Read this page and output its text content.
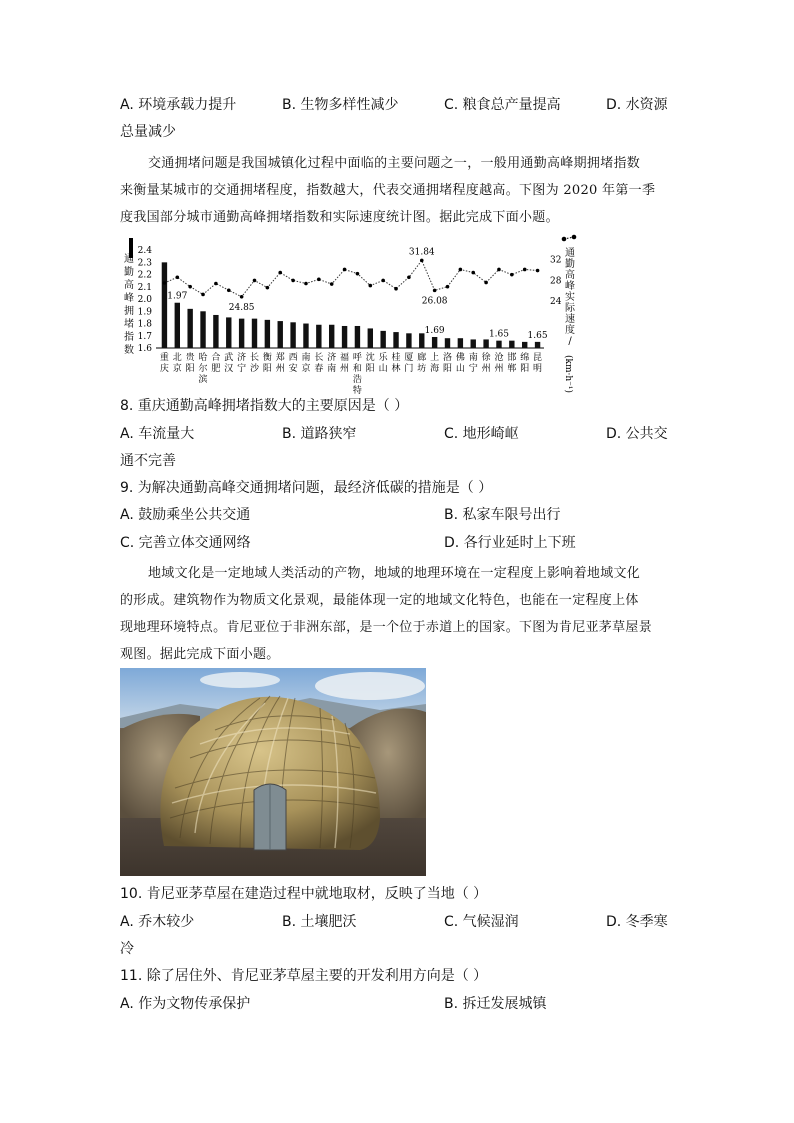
A. 环境承载力提升	B. 生物多样性减少	C. 粮食总产量提高	D. 水资源
总量减少
交通拥堵问题是我国城镇化过程中面临的主要问题之一，一般用通勤高峰期拥堵指数
来衡量某城市的交通拥堵程度，指数越大，代表交通拥堵程度越高。下图为 2020 年第一季
度我国部分城市通勤高峰拥堵指数和实际速度统计图。据此完成下面小题。
2.4
2.3
2.2
2.1
2.0
1.9
1.8
1.7
1.6
通
勤
高
峰
拥
堵
指
数
32
28
24
通
勤
高
峰
实
际
速
度
/
(km·h⁻¹)
重
庆
北
京
贵
阳
哈
尔
滨
合
肥
武
汉
济
宁
长
沙
衡
阳
郑
州
西
安
南
京
长
春
济
南
福
州
呼
和
浩
特
沈
阳
乐
山
桂
林
厦
门
廊
坊
上
海
洛
阳
佛
山
南
宁
徐
州
沧
州
邯
郸
绵
阳
昆
明
1.97
1.69	1.65 1.65
24.85
31.84
26.08
8. 重庆通勤高峰拥堵指数大的主要原因是（ ）
A. 车流量大	B. 道路狭窄	C. 地形崎岖	D. 公共交
通不完善
9. 为解决通勤高峰交通拥堵问题，最经济低碳的措施是（ ）
A. 鼓励乘坐公共交通	B. 私家车限号出行
C. 完善立体交通网络	D. 各行业延时上下班
地域文化是一定地域人类活动的产物，地域的地理环境在一定程度上影响着地域文化
的形成。建筑物作为物质文化景观，最能体现一定的地域文化特色，也能在一定程度上体
现地理环境特点。肯尼亚位于非洲东部，是一个位于赤道上的国家。下图为肯尼亚茅草屋景
观图。据此完成下面小题。
10. 肯尼亚茅草屋在建造过程中就地取材，反映了当地（ ）
A. 乔木较少	B. 土壤肥沃	C. 气候湿润	D. 冬季寒
冷
11. 除了居住外、肯尼亚茅草屋主要的开发利用方向是（ ）
A. 作为文物传承保护	B. 拆迁发展城镇
